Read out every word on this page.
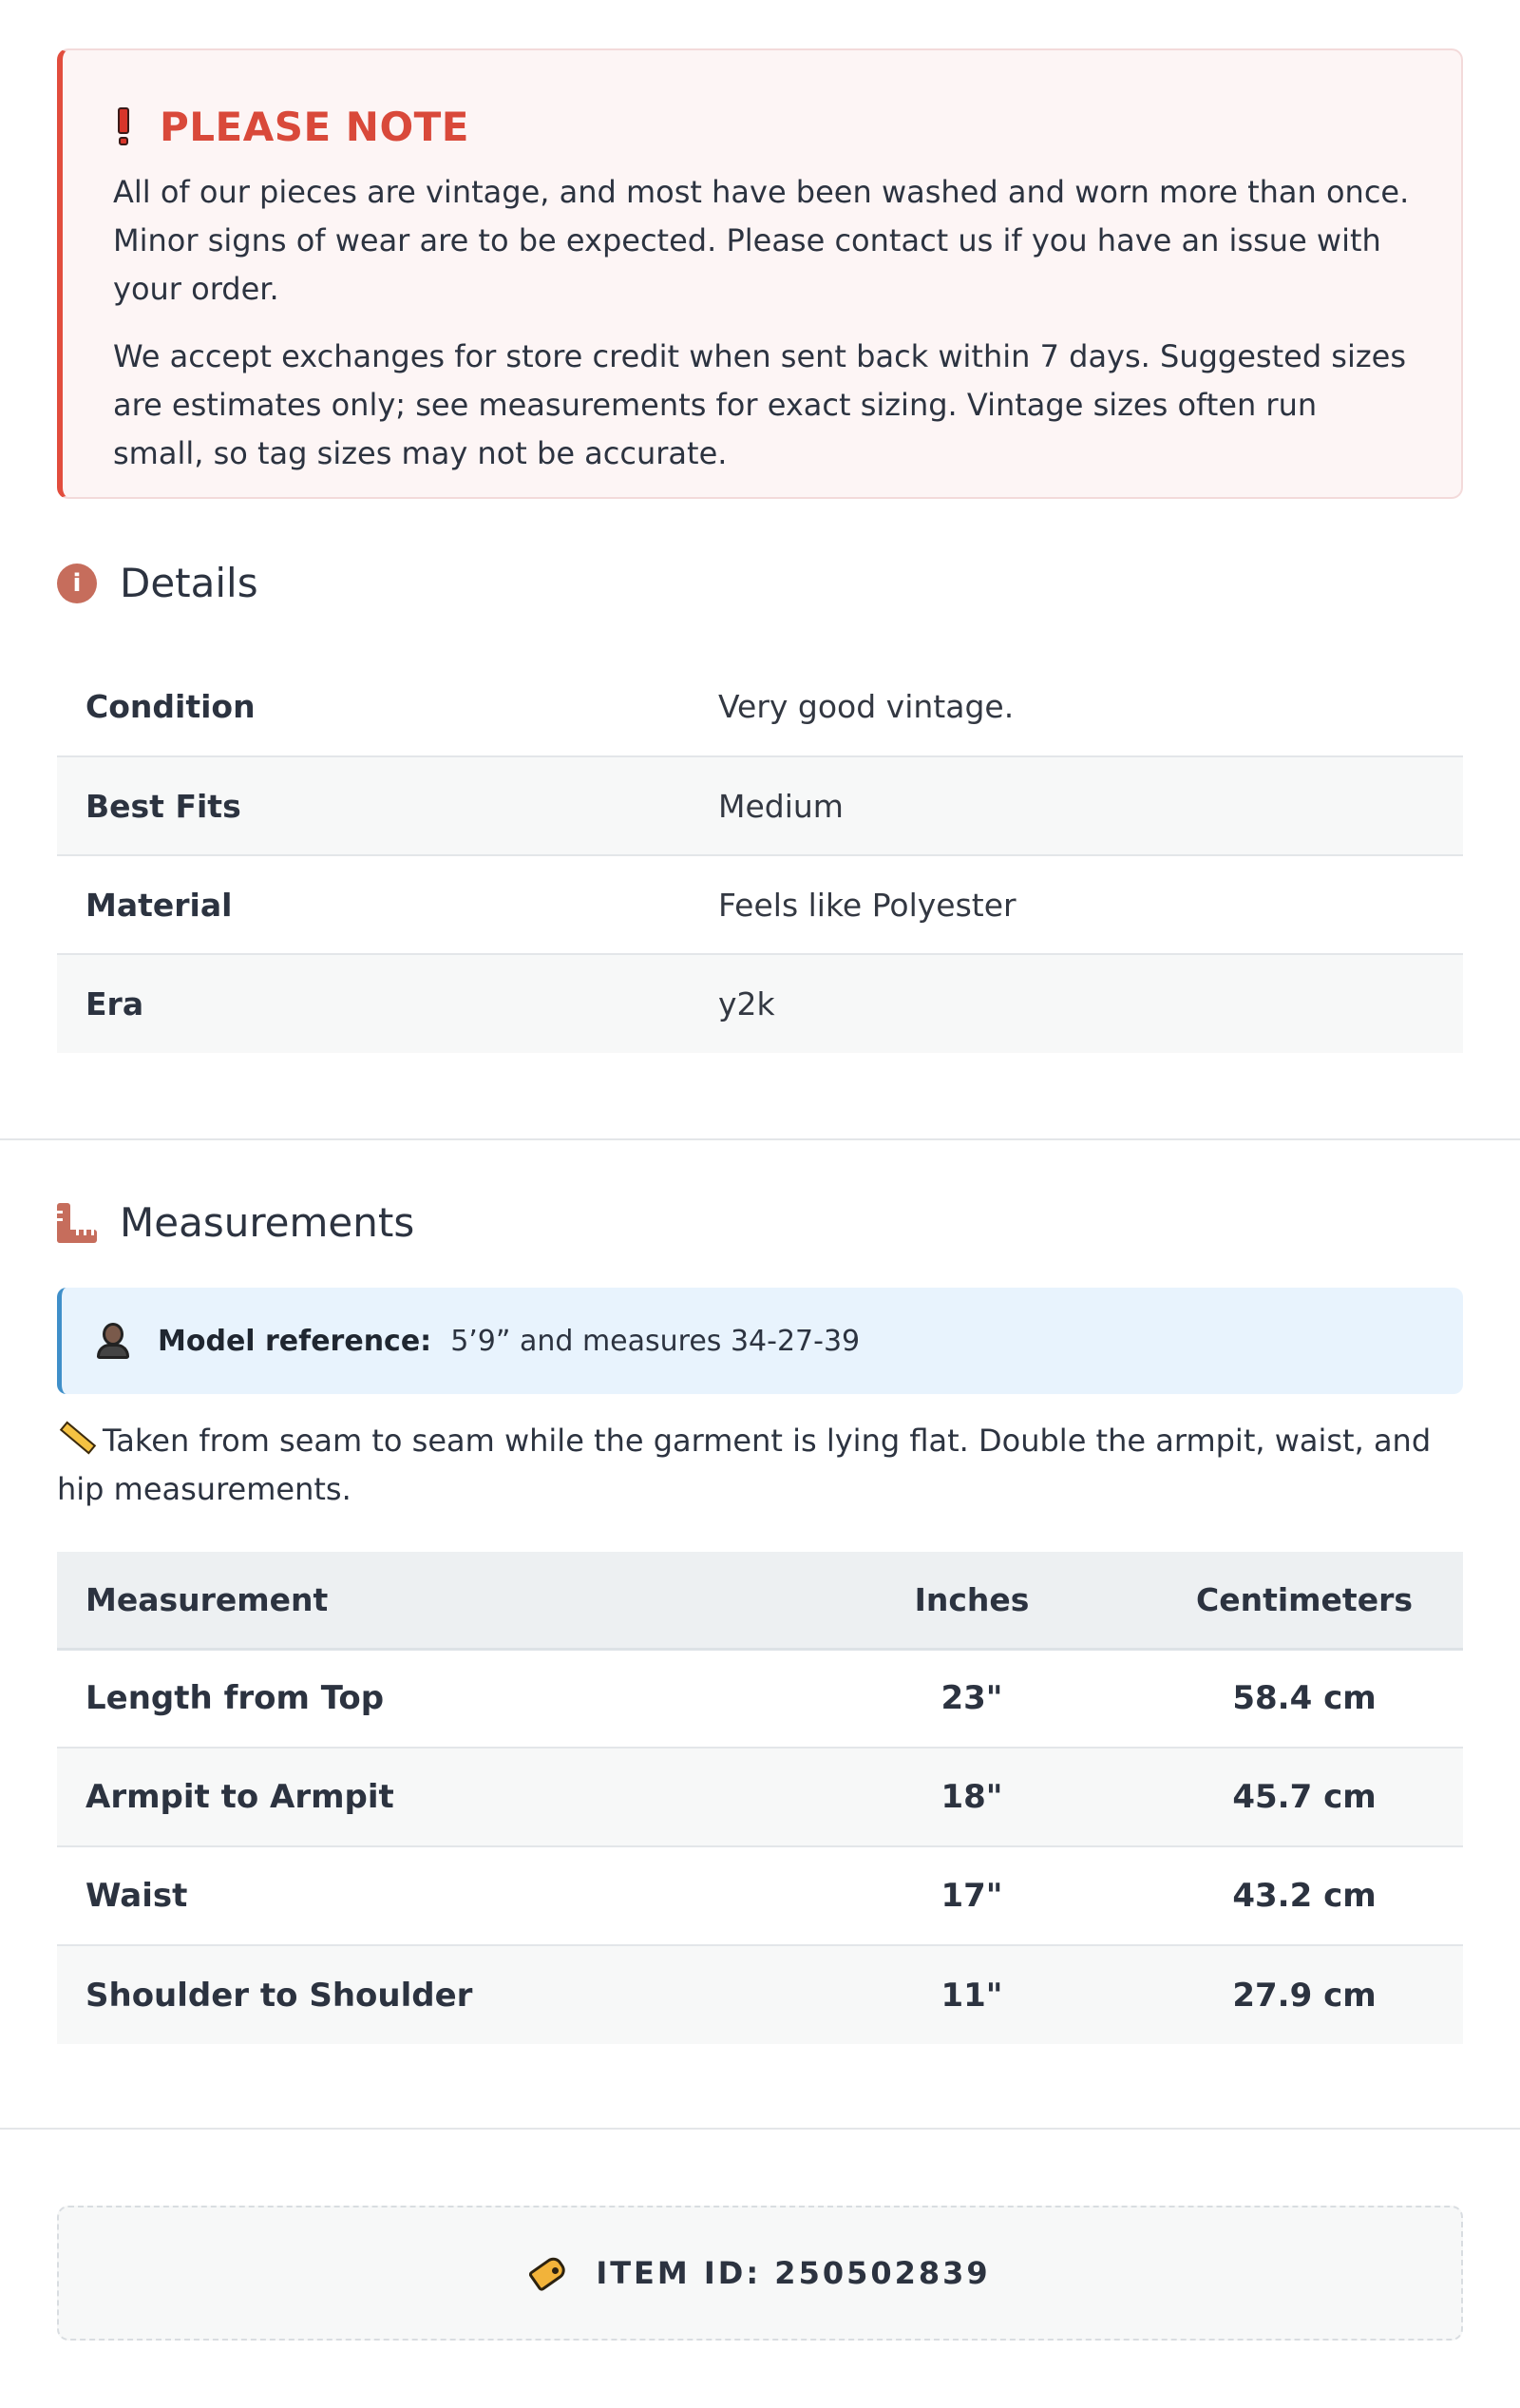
PLEASE NOTE

All of our pieces are vintage, and most have been washed and worn more than once. Minor signs of wear are to be expected. Please contact us if you have an issue with your order.

We accept exchanges for store credit when sent back within 7 days. Suggested sizes are estimates only; see measurements for exact sizing. Vintage sizes often run small, so tag sizes may not be accurate.

i Details
Condition	Very good vintage.
Best Fits	Medium
Material	Feels like Polyester
Era	y2k
Measurements
Model reference: 5’9” and measures 34-27-39

Taken from seam to seam while the garment is lying flat. Double the armpit, waist, and hip measurements.

Measurement	Inches	Centimeters
Length from Top	23"	58.4 cm
Armpit to Armpit	18"	45.7 cm
Waist	17"	43.2 cm
Shoulder to Shoulder	11"	27.9 cm
ITEM ID: 250502839
